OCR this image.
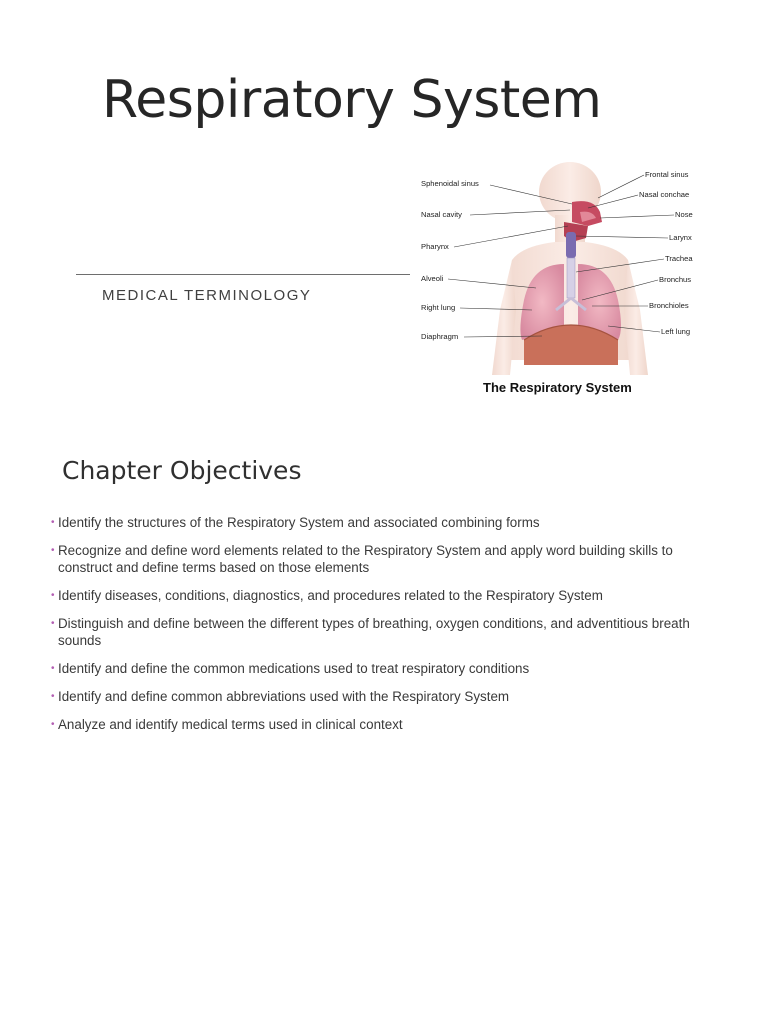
Respiratory System

MEDICAL TERMINOLOGY

Sphenoidal sinus
Nasal cavity
Pharynx
Alveoli
Right lung
Diaphragm
Frontal sinus
Nasal conchae
Nose
Larynx
Trachea
Bronchus
Bronchioles
Left lung
The Respiratory System
Chapter Objectives
• Identify the structures of the Respiratory System and associated combining forms
• Recognize and define word elements related to the Respiratory System and apply word building skills to construct and define terms based on those elements
• Identify diseases, conditions, diagnostics, and procedures related to the Respiratory System
• Distinguish and define between the different types of breathing, oxygen conditions, and adventitious breath sounds
• Identify and define the common medications used to treat respiratory conditions
• Identify and define common abbreviations used with the Respiratory System
• Analyze and identify medical terms used in clinical context
